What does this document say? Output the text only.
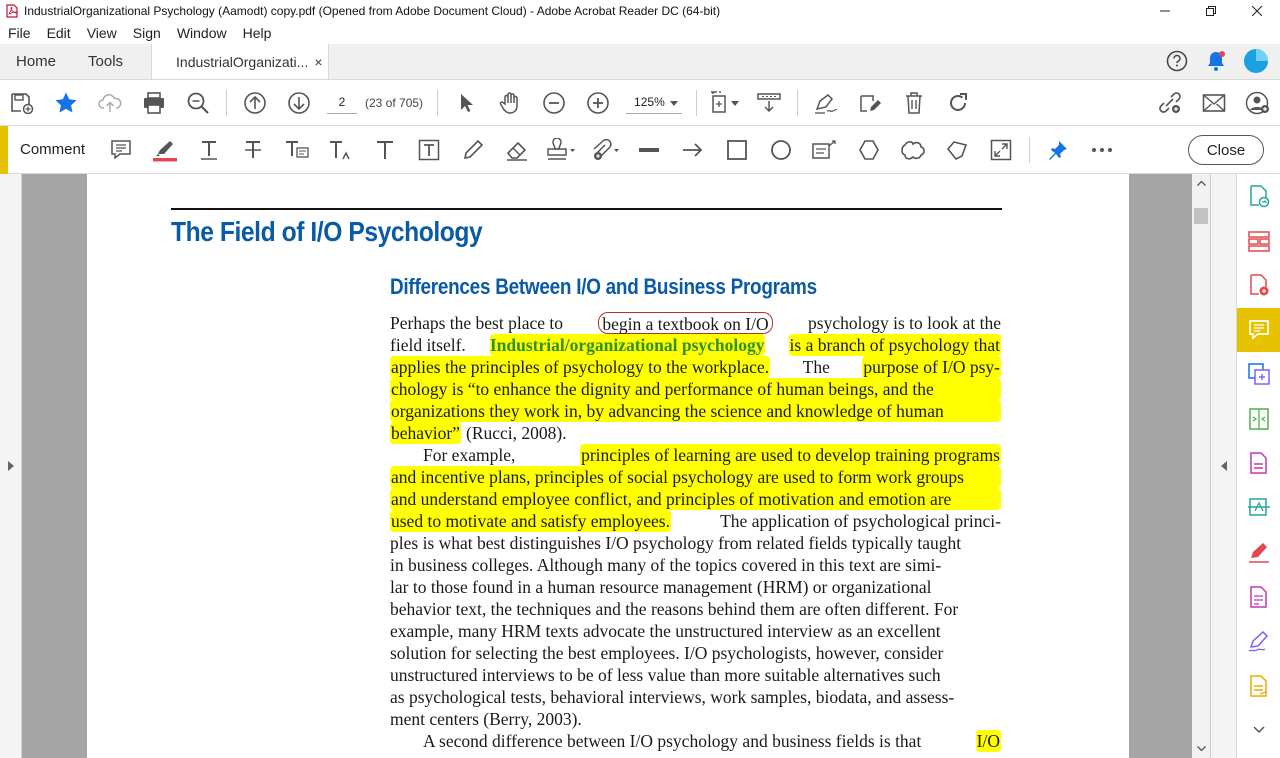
IndustrialOrganizational Psychology (Aamodt) copy.pdf (Opened from Adobe Document Cloud) - Adobe Acrobat Reader DC (64-bit)
File	Edit	View	Sign	Window	Help
Home	Tools	IndustrialOrganizati... ×
2	(23 of 705)	125%
Comment	Close
The Field of I/O Psychology
Differences Between I/O and Business Programs
Perhaps the best place to begin a textbook on I/O psychology is to look at the
field itself. Industrial/organizational psychology is a branch of psychology that
applies the principles of psychology to the workplace. The purpose of I/O psy-
chology is “to enhance the dignity and performance of human beings, and the
organizations they work in, by advancing the science and knowledge of human
behavior” (Rucci, 2008).
For example,	principles of learning are used to develop training programs
and incentive plans, principles of social psychology are used to form work groups
and understand employee conflict, and principles of motivation and emotion are
used to motivate and satisfy employees.	The application of psychological princi-
ples is what best distinguishes I/O psychology from related fields typically taught
in business colleges. Although many of the topics covered in this text are simi-
lar to those found in a human resource management (HRM) or organizational
behavior text, the techniques and the reasons behind them are often different. For
example, many HRM texts advocate the unstructured interview as an excellent
solution for selecting the best employees. I/O psychologists, however, consider
unstructured interviews to be of less value than more suitable alternatives such
as psychological tests, behavioral interviews, work samples, biodata, and assess-
ment centers (Berry, 2003).
A second difference between I/O psychology and business fields is that	I/O
